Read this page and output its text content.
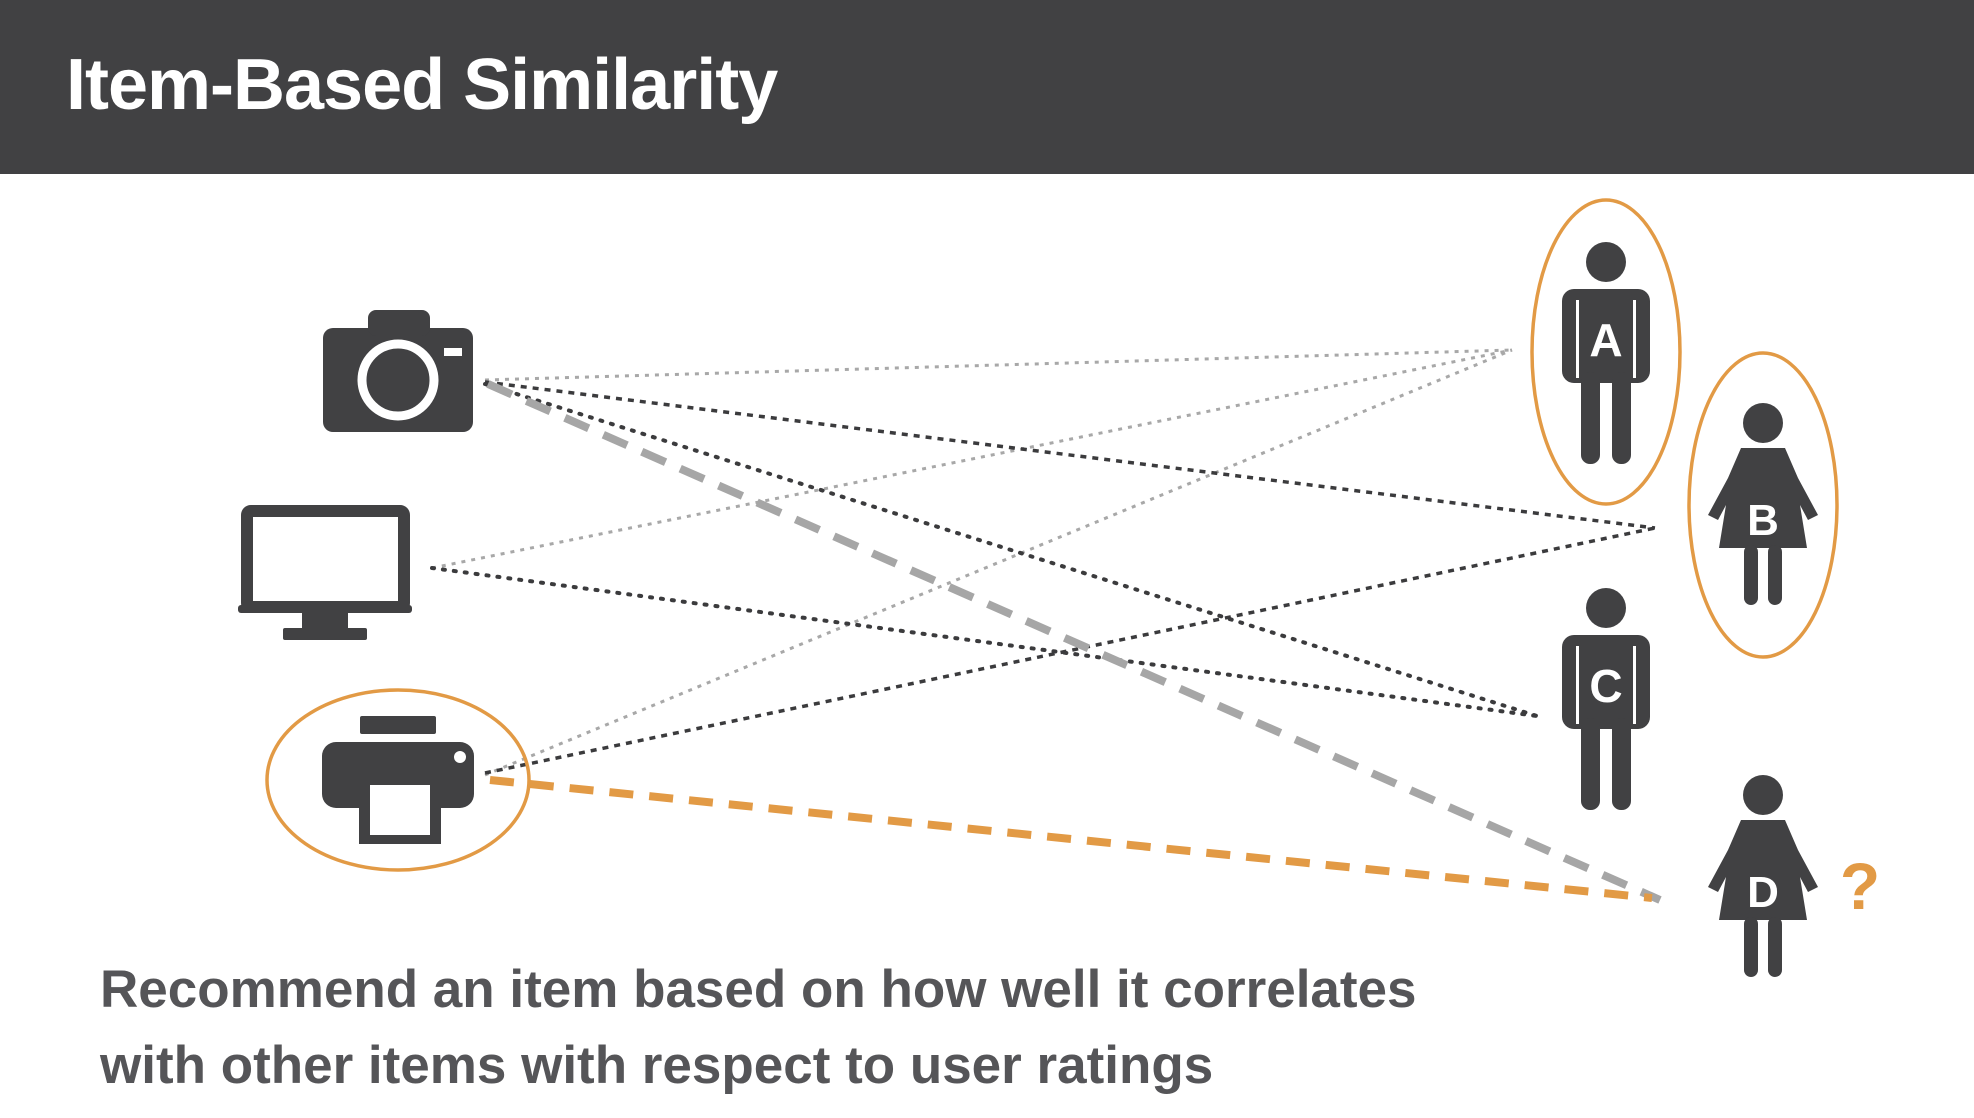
Item-Based Similarity
A
B
C
D ?
Recommend an item based on how well it correlates
with other items with respect to user ratings
